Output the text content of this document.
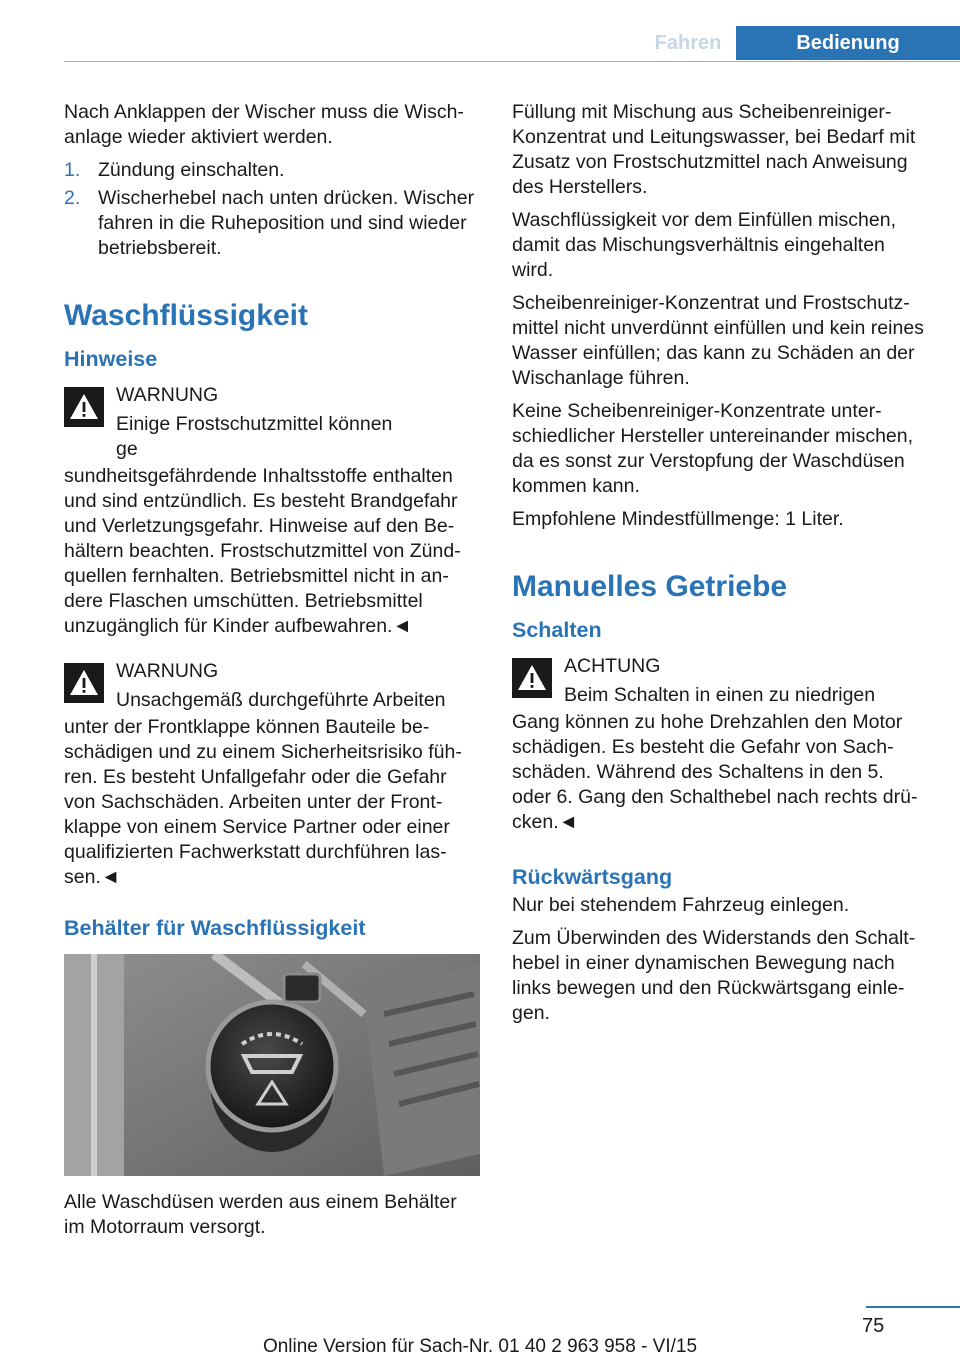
Fahren	Bedienung

Nach Anklappen der Wischer muss die Wischanlage wieder aktiviert werden.

1. Zündung einschalten.
2. Wischerhebel nach unten drücken. Wischer fahren in die Ruheposition und sind wieder betriebsbereit.
Waschflüssigkeit
Hinweise
WARNUNG
Einige Frostschutzmittel können ge
sundheitsgefährdende Inhaltsstoffe enthalten und sind entzündlich. Es besteht Brandgefahr und Verletzungsgefahr. Hinweise auf den Behältern beachten. Frostschutzmittel von Zündquellen fernhalten. Betriebsmittel nicht in andere Flaschen umschütten. Betriebsmittel unzugänglich für Kinder aufbewahren.◄
WARNUNG
Unsachgemäß durchgeführte Arbeiten
unter der Frontklappe können Bauteile beschädigen und zu einem Sicherheitsrisiko führen. Es besteht Unfallgefahr oder die Gefahr von Sachschäden. Arbeiten unter der Frontklappe von einem Service Partner oder einer qualifizierten Fachwerkstatt durchführen lassen.◄
Behälter für Waschflüssigkeit

Alle Waschdüsen werden aus einem Behälter im Motorraum versorgt.

Füllung mit Mischung aus Scheibenreiniger-Konzentrat und Leitungswasser, bei Bedarf mit Zusatz von Frostschutzmittel nach Anweisung des Herstellers.

Waschflüssigkeit vor dem Einfüllen mischen, damit das Mischungsverhältnis eingehalten wird.

Scheibenreiniger-Konzentrat und Frostschutzmittel nicht unverdünnt einfüllen und kein reines Wasser einfüllen; das kann zu Schäden an der Wischanlage führen.

Keine Scheibenreiniger-Konzentrate unterschiedlicher Hersteller untereinander mischen, da es sonst zur Verstopfung der Waschdüsen kommen kann.

Empfohlene Mindestfüllmenge: 1 Liter.

Manuelles Getriebe
Schalten
ACHTUNG
Beim Schalten in einen zu niedrigen
Gang können zu hohe Drehzahlen den Motor schädigen. Es besteht die Gefahr von Sachschäden. Während des Schaltens in den 5. oder 6. Gang den Schalthebel nach rechts drücken.◄
Rückwärtsgang

Nur bei stehendem Fahrzeug einlegen.

Zum Überwinden des Widerstands den Schalthebel in einer dynamischen Bewegung nach links bewegen und den Rückwärtsgang einlegen.

75
Online Version für Sach-Nr. 01 40 2 963 958 - VI/15
